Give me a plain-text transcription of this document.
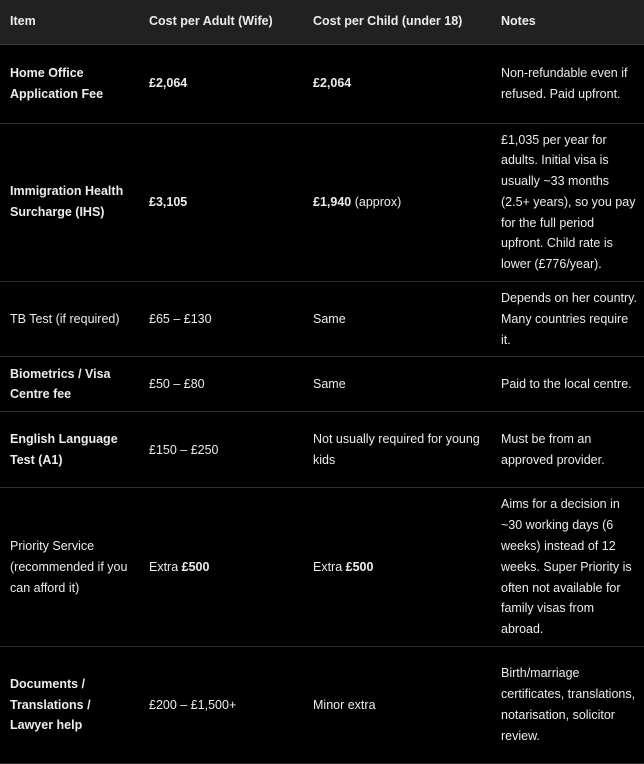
Item	Cost per Adult (Wife)	Cost per Child (under 18)	Notes
Home Office Application Fee	£2,064	£2,064	Non-refundable even if refused. Paid upfront.
Immigration Health Surcharge (IHS)	£3,105	£1,940 (approx)	£1,035 per year for adults. Initial visa is usually ~33 months (2.5+ years), so you pay for the full period upfront. Child rate is lower (£776/year).
TB Test (if required)	£65 – £130	Same	Depends on her country. Many countries require it.
Biometrics / Visa Centre fee	£50 – £80	Same	Paid to the local centre.
English Language Test (A1)	£150 – £250	Not usually required for young kids	Must be from an approved provider.
Priority Service (recommended if you can afford it)	Extra £500	Extra £500	Aims for a decision in ~30 working days (6 weeks) instead of 12 weeks. Super Priority is often not available for family visas from abroad.
Documents / Translations / Lawyer help	£200 – £1,500+	Minor extra	Birth/marriage certificates, translations, notarisation, solicitor review.
